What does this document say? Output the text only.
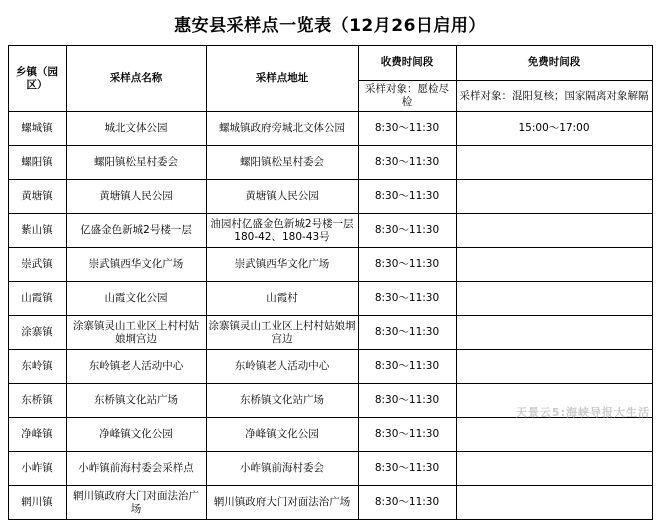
惠安县采样点一览表（12月26日启用）
乡镇（园区）	采样点名称	采样点地址	收费时间段	免费时间段
			采样对象：愿检尽检	采样对象：混阳复核；国家隔离对象解隔
螺城镇	城北文体公园	螺城镇政府旁城北文体公园	8:30～11:30	15:00～17:00
螺阳镇	螺阳镇松星村委会	螺阳镇松星村委会	8:30～11:30	
黄塘镇	黄塘镇人民公园	黄塘镇人民公园	8:30～11:30	
紫山镇	亿盛金色新城2号楼一层	油园村亿盛金色新城2号楼一层180-42、180-43号	8:30～11:30	
崇武镇	崇武镇西华文化广场	崇武镇西华文化广场	8:30～11:30	
山霞镇	山霞文化公园	山霞村	8:30～11:30	
涂寨镇	涂寨镇灵山工业区上村村姑娘埛宫边	涂寨镇灵山工业区上村村姑娘埛宫边	8:30～11:30	
东岭镇	东岭镇老人活动中心	东岭镇老人活动中心	8:30～11:30	
东桥镇	东桥镇文化站广场	东桥镇文化站广场	8:30～11:30	
净峰镇	净峰镇文化公园	净峰镇文化公园	8:30～11:30	
小岞镇	小岞镇前海村委会采样点	小岞镇前海村委会	8:30～11:30	
辋川镇	辋川镇政府大门对面法治广场	辋川镇政府大门对面法治广场	8:30～11:30	
天景云5:海峡导报大生活
